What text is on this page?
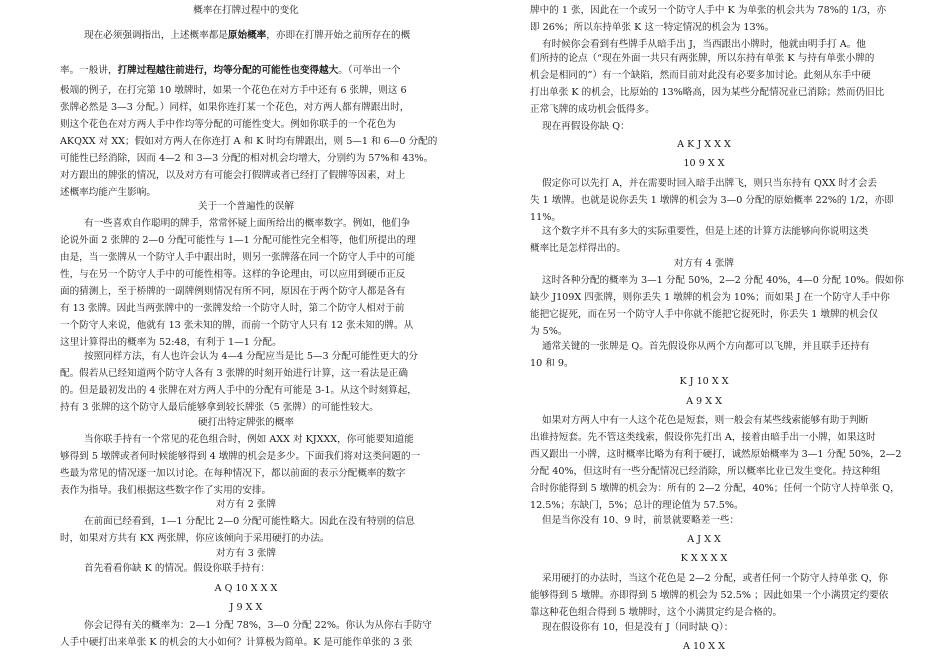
概率在打牌过程中的变化
现在必须强调指出，上述概率都是原始概率，亦即在打牌开始之前所存在的概
率。一般讲，打牌过程越往前进行，均等分配的可能性也变得越大。（可举出一个
极端的例子，在打完第 10 墩牌时，如果一个花色在对方手中还有 6 张牌，则这 6
张牌必然是 3—3 分配。）同样，如果你连打某一个花色，对方两人都有牌跟出时，
则这个花色在对方两人手中作均等分配的可能性变大。例如你联手的一个花色为
AKQXX 对 XX；假如对方两人在你连打 A 和 K 时均有牌跟出，则 5—1 和 6—0 分配的
可能性已经消除，因而 4—2 和 3—3 分配的相对机会均增大，分别约为 57%和 43%。
对方跟出的牌张的情况，以及对方有可能会打假牌或者已经打了假牌等因素，对上
述概率均能产生影响。
关于一个普遍性的误解
有一些喜欢自作聪明的牌手，常常怀疑上面所给出的概率数字。例如，他们争
论说外面 2 张牌的 2—0 分配可能性与 1—1 分配可能性完全相等，他们所提出的理
由是，当一张牌从一个防守人手中跟出时，则另一张牌落在同一个防守人手中的可能
性，与在另一个防守人手中的可能性相等。这样的争论理由，可以应用到硬币正反
面的猜测上，至于桥牌的一副牌例则情况有所不同，原因在于两个防守人都是各有
有 13 张牌。因此当两张牌中的一张牌发给一个防守人时，第二个防守人相对于前
一个防守人来说，他就有 13 张未知的牌，而前一个防守人只有 12 张未知的牌。从
这里计算得出的概率为 52:48，有利于 1—1 分配。
按照同样方法，有人也许会认为 4—4 分配应当是比 5—3 分配可能性更大的分
配。假若从已经知道两个防守人各有 3 张牌的时刻开始进行计算，这一看法是正确
的。但是最初发出的 4 张牌在对方两人手中的分配有可能是 3-1。从这个时刻算起，
持有 3 张牌的这个防守人最后能够拿到较长牌张（5 张牌）的可能性较大。
硬打出特定牌张的概率
当你联手持有一个常见的花色组合时，例如 AXX 对 KJXXX，你可能要知道能
够得到 5 墩牌或者何时候能够得到 4 墩牌的机会是多少。下面我们将对这类问题的一
些最为常见的情况逐一加以讨论。在每种情况下，都以前面的表示分配概率的数字
表作为指导。我们根据这些数字作了实用的安排。
对方有 2 张牌
在前面已经看到，1—1 分配比 2—0 分配可能性略大。因此在没有特别的信息
时，如果对方共有 KX 两张牌，你应该倾向于采用硬打的办法。
对方有 3 张牌
首先看看你缺 K 的情况。假设你联手持有：
A Q 10 X X X
J 9 X X
你会记得有关的概率为：2—1 分配 78%，3—0 分配 22%。你认为从你右手防守
人手中硬打出来单张 K 的机会的大小如何？计算极为简单。K 是可能作单张的 3 张
牌中的 1 张，因此在一个或另一个防守人手中 K 为单张的机会共为 78%的 1/3，亦
即 26%；所以东持单张 K 这一特定情况的机会为 13%。
有时候你会看到有些牌手从暗手出 J，当西跟出小牌时，他就由明手打 A。他
们所持的论点（“现在外面一共只有两张牌，所以东持有单张 K 与持有单张小牌的
机会是相同的”）有一个缺陷，然而目前对此没有必要多加讨论。此刻从东手中硬
打出单张 K 的机会，比原始的 13%略高，因为某些分配情况业已消除；然而仍旧比
正常飞牌的成功机会低得多。
现在再假设你缺 Q：
A K J X X X
10 9 X X
假定你可以先打 A，并在需要时回入暗手出牌飞，则只当东持有 QXX 时才会丢
失 1 墩牌。也就是说你丢失 1 墩牌的机会为 3—0 分配的原始概率 22%的 1/2，亦即
11%。
这个数字并不具有多大的实际重要性，但是上述的计算方法能够向你说明这类
概率比是怎样得出的。
对方有 4 张牌
这时各种分配的概率为 3—1 分配 50%，2—2 分配 40%，4—0 分配 10%。假如你
缺少 J109X 四张牌，则你丢失 1 墩牌的机会为 10%；而如果 J 在一个防守人手中你
能把它捉死，而在另一个防守人手中你就不能把它捉死时，你丢失 1 墩牌的机会仅
为 5%。
通常关键的一张牌是 Q。首先假设你从两个方向都可以飞牌，并且联手还持有
10 和 9。
K J 10 X X
A 9 X X
如果对方两人中有一人这个花色是短套，则一般会有某些线索能够有助于判断
出谁持短套。先不管这类线索，假设你先打出 A，接着由暗手出一小牌，如果这时
西又跟出一小牌，这时概率比略为有利于硬打，诚然原始概率为 3—1 分配 50%，2—2
分配 40%，但这时有一些分配情况已经消除，所以概率比业已发生变化。持这种组
合时你能得到 5 墩牌的机会为：所有的 2—2 分配，40%；任何一个防守人持单张 Q，
12.5%；东缺门，5%；总计的理论值为 57.5%。
但是当你没有 10、9 时，前景就要略差一些：
A J X X
K X X X X
采用硬打的办法时，当这个花色是 2—2 分配，或者任何一个防守人持单张 Q，你
能够得到 5 墩牌。亦即得到 5 墩牌的机会为 52.5% ；因此如果一个小满贯定约要依
靠这种花色组合得到 5 墩牌时，这个小满贯定约是合格的。
现在假设你有 10，但是没有 J（同时缺 Q）：
A 10 X X
